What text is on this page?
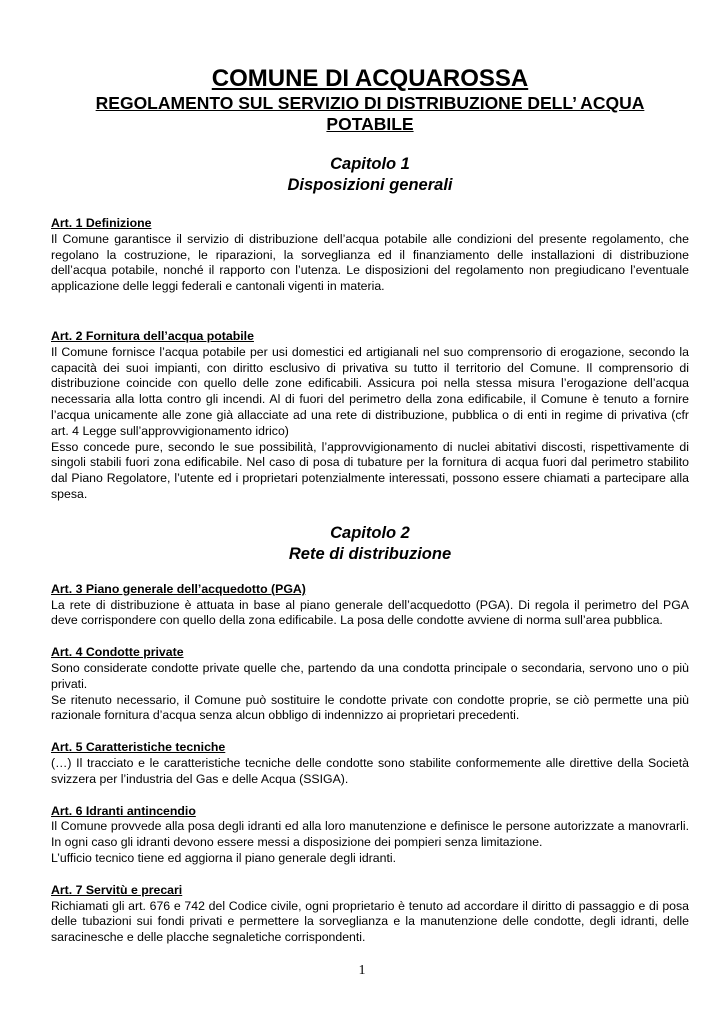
COMUNE DI ACQUAROSSA
REGOLAMENTO SUL SERVIZIO DI DISTRIBUZIONE DELL’ ACQUA POTABILE
Capitolo 1
Disposizioni generali
Art. 1 Definizione

Il Comune garantisce il servizio di distribuzione dell’acqua potabile alle condizioni del presente regolamento, che regolano la costruzione, le riparazioni, la sorveglianza ed il finanziamento delle installazioni di distribuzione dell’acqua potabile, nonché il rapporto con l’utenza. Le disposizioni del regolamento non pregiudicano l’eventuale applicazione delle leggi federali e cantonali vigenti in materia.

Art. 2 Fornitura dell’acqua potabile

Il Comune fornisce l’acqua potabile per usi domestici ed artigianali nel suo comprensorio di erogazione, secondo la capacità dei suoi impianti, con diritto esclusivo di privativa su tutto il territorio del Comune. Il comprensorio di distribuzione coincide con quello delle zone edificabili. Assicura poi nella stessa misura l’erogazione dell’acqua necessaria alla lotta contro gli incendi. Al di fuori del perimetro della zona edificabile, il Comune è tenuto a fornire l’acqua unicamente alle zone già allacciate ad una rete di distribuzione, pubblica o di enti in regime di privativa (cfr art. 4 Legge sull’approvvigionamento idrico)

Esso concede pure, secondo le sue possibilità, l’approvvigionamento di nuclei abitativi discosti, rispettivamente di singoli stabili fuori zona edificabile. Nel caso di posa di tubature per la fornitura di acqua fuori dal perimetro stabilito dal Piano Regolatore, l’utente ed i proprietari potenzialmente interessati, possono essere chiamati a partecipare alla spesa.

Capitolo 2
Rete di distribuzione
Art. 3 Piano generale dell’acquedotto (PGA)

La rete di distribuzione è attuata in base al piano generale dell’acquedotto (PGA). Di regola il perimetro del PGA deve corrispondere con quello della zona edificabile. La posa delle condotte avviene di norma sull’area pubblica.

Art. 4 Condotte private

Sono considerate condotte private quelle che, partendo da una condotta principale o secondaria, servono uno o più privati.

Se ritenuto necessario, il Comune può sostituire le condotte private con condotte proprie, se ciò permette una più razionale fornitura d’acqua senza alcun obbligo di indennizzo ai proprietari precedenti.

Art. 5 Caratteristiche tecniche

(…) Il tracciato e le caratteristiche tecniche delle condotte sono stabilite conformemente alle direttive della Società svizzera per l’industria del Gas e delle Acqua (SSIGA).

Art. 6 Idranti antincendio

Il Comune provvede alla posa degli idranti ed alla loro manutenzione e definisce le persone autorizzate a manovrarli. In ogni caso gli idranti devono essere messi a disposizione dei pompieri senza limitazione.

L’ufficio tecnico tiene ed aggiorna il piano generale degli idranti.

Art. 7 Servitù e precari

Richiamati gli art. 676 e 742 del Codice civile, ogni proprietario è tenuto ad accordare il diritto di passaggio e di posa delle tubazioni sui fondi privati e permettere la sorveglianza e la manutenzione delle condotte, degli idranti, delle saracinesche e delle placche segnaletiche corrispondenti.

1
